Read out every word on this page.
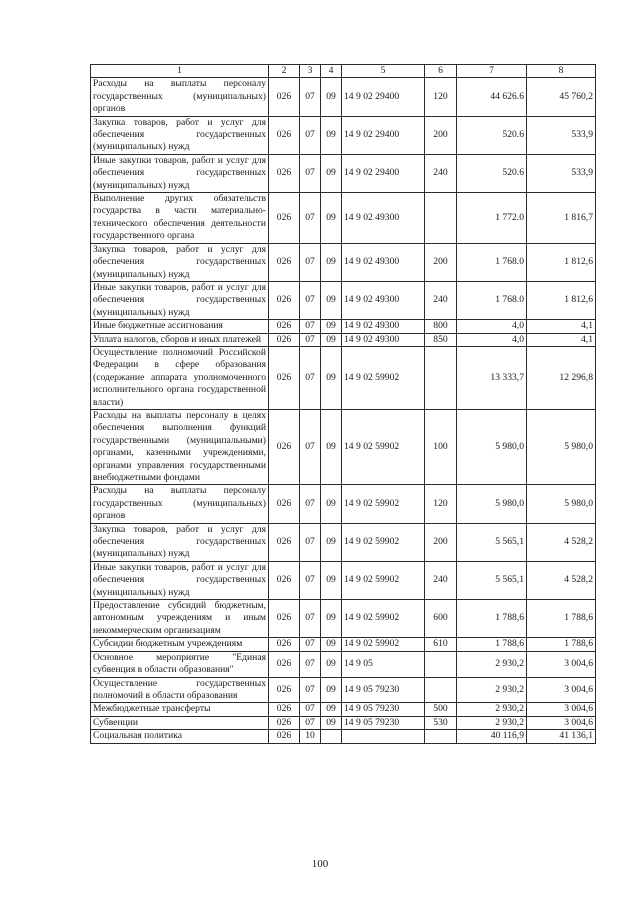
1	2	3	4	5	6	7	8
Расходы на выплаты персоналу государственных (муниципальных) органов	026	07	09	14 9 02 29400	120	44 626.6	45 760,2
Закупка товаров, работ и услуг для обеспечения государственных (муниципальных) нужд	026	07	09	14 9 02 29400	200	520.6	533,9
Иные закупки товаров, работ и услуг для обеспечения государственных (муниципальных) нужд	026	07	09	14 9 02 29400	240	520.6	533,9
Выполнение других обязательств государства в части материально-технического обеспечения деятельности государственного органа	026	07	09	14 9 02 49300		1 772.0	1 816,7
Закупка товаров, работ и услуг для обеспечения государственных (муниципальных) нужд	026	07	09	14 9 02 49300	200	1 768.0	1 812,6
Иные закупки товаров, работ и услуг для обеспечения государственных (муниципальных) нужд	026	07	09	14 9 02 49300	240	1 768.0	1 812,6
Иные бюджетные ассигнования	026	07	09	14 9 02 49300	800	4,0	4,1
Уплата налогов, сборов и иных платежей	026	07	09	14 9 02 49300	850	4,0	4,1
Осуществление полномочий Российской Федерации в сфере образования (содержание аппарата уполномоченного исполнительного органа государственной власти)	026	07	09	14 9 02 59902		13 333,7	12 296,8
Расходы на выплаты персоналу в целях обеспечения выполнения функций государственными (муниципальными) органами, казенными учреждениями, органами управления государственными внебюджетными фондами	026	07	09	14 9 02 59902	100	5 980,0	5 980,0
Расходы на выплаты персоналу государственных (муниципальных) органов	026	07	09	14 9 02 59902	120	5 980,0	5 980,0
Закупка товаров, работ и услуг для обеспечения государственных (муниципальных) нужд	026	07	09	14 9 02 59902	200	5 565,1	4 528,2
Иные закупки товаров, работ и услуг для обеспечения государственных (муниципальных) нужд	026	07	09	14 9 02 59902	240	5 565,1	4 528,2
Предоставление субсидий бюджетным, автономным учреждениям и иным некоммерческим организациям	026	07	09	14 9 02 59902	600	1 788,6	1 788,6
Субсидии бюджетным учреждениям	026	07	09	14 9 02 59902	610	1 788,6	1 788,6
Основное мероприятие "Единая субвенция в области образования"	026	07	09	14 9 05		2 930,2	3 004,6
Осуществление государственных полномочий в области образования	026	07	09	14 9 05 79230		2 930,2	3 004,6
Межбюджетные трансферты	026	07	09	14 9 05 79230	500	2 930,2	3 004,6
Субвенции	026	07	09	14 9 05 79230	530	2 930,2	3 004,6
Социальная политика	026	10				40 116,9	41 136,1
100
